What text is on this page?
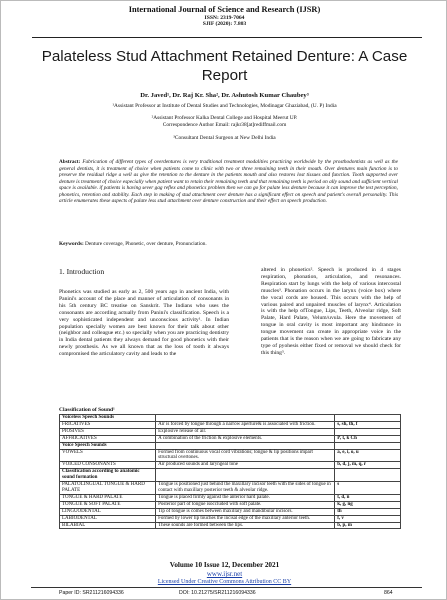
International Journal of Science and Research (IJSR)
ISSN: 2319-7064
SJIF (2020): 7.803
Palateless Stud Attachment Retained Denture: A Case Report
Dr. Javed¹, Dr. Raj Kr. Sha², Dr. Ashutosh Kumar Chaubey³
¹Assistant Professor at Institute of Dental Studies and Technologies, Modinagar Ghaziabad, (U. P) India
²Assistant Professor Kalka Dental College and Hospital Meerut UP.
Correspondence Author Email: rajkr38[at]rediffmail.com
³Consultant Dental Surgeon at New Delhi India
Abstract: Fabrication of different types of overdentures is very traditional treatment modalities practicing worldwide by the prosthodontists as well as the general dentists, it is treatment of choice when patients come to clinic with two or three remaining teeth in their mouth. Over dentures main function is to preserve the residual ridge a well as give the retention to the denture in the patients mouth and also restores lost tissues and function. Tooth supported over denture is treatment of choice especially when patient want to retain their remaining teeth and that remaining teeth is period on ally sound and sufficient vertical space is available. if patients is having sever gag reflex and phonetics problem then we can go for palate less denture because it can improve the test perception, phonetics, retention and stability. Each step in making of stud attachment over denture has a significant effect on speech and patient's overall personality. This article enumerates these aspects of palate less stud attachment over denture construction and their effect on speech production.
Keywords: Denture coverage, Phonetic, over denture, Pronunciation.
1. Introduction
Phonetics was studied as early as 2, 500 years ago in ancient India, with Panini's account of the place and manner of articulation of consonants in his 5th century BC treatise on Sanskrit. The Indians who uses the consonants are according actually from Panini's classification. Speech is a very sophisticated independent and unconscious activity¹. In Indian population specially women are best known for their talk about other (neighbor and colleague etc.) so specially when you are practicing dentistry in India dental patients they always demand for good phonetics with their newly prosthesis. As we all known that as the loss of tooth it always compromised the articulatory cavity and leads to the
altered in phonetics². Speech is produced in 4 stages respiration, phonation, articulation, and resonances. Respiration start by lungs with the help of various intercostal muscles³. Phonation occurs in the larynx (voice box) where the vocal cords are housed. This occurs with the help of various paired and unpaired muscles of larynx⁴. Articulation is with the help ofTongue, Lips, Teeth, Alveolar ridge, Soft Palate, Hard Palate, Velum/uvula. Here the movement of tongue in oral cavity is most important any hindrance in tongue movement can create in appropriate voice in the patients that is the reason when we are going to fabricate any type of pyohesis either fixed or removal we should check for this thing⁵.
Classification of Sound¹
Voiceless Speech Sounds		
FRICATIVES	Air is forced by tongue through a narrow aperture& is associated with friction.	s, sh, th, f
PIOSIVES	Explosive release of air.	
AFFRICATIVES	A combination of the friction & explosive elements.	P, t, k Ch
Voice Speech Sounds		
VOWELS	Formed from continuous vocal cord vibrations; tongue & lip positions impart structural overtones.	a, e, i, o, u
VOICED CONSONANTS	Air produced sounds and laryngeal tone	b, d, j, m, q, r
Classification according to anatomic sound formation		
PALATOLINGUAL TONGUE & HARD PALATE	Tongue is positioned just behind the maxillary incisor teeth with the sides of tongue in contact with maxillary posterior teeth & alveolar ridge.	s
TONGUE & HARD PALATE	Tongue is placed firmly against the anterior hard palate.	t, d, n
TONGUE & SOFT PALATE	Posterior part of tongue isoccluded with soft palate.	k, g, ng
LINGUODENTAL	Tip of tongue is comes between maxillary and mandibular incisors.	th
LABIODENTAL	Formed by lower lip touches the incisal edge of the maxillary anterior teeth.	f, v
BILABIAL	These sounds are formed between the lips.	b, p, m
Volume 10 Issue 12, December 2021
www.ijsr.net
Licensed Under Creative Commons Attribution CC BY
Paper ID: SR211216094336	DOI: 10.21275/SR211216094336	864
